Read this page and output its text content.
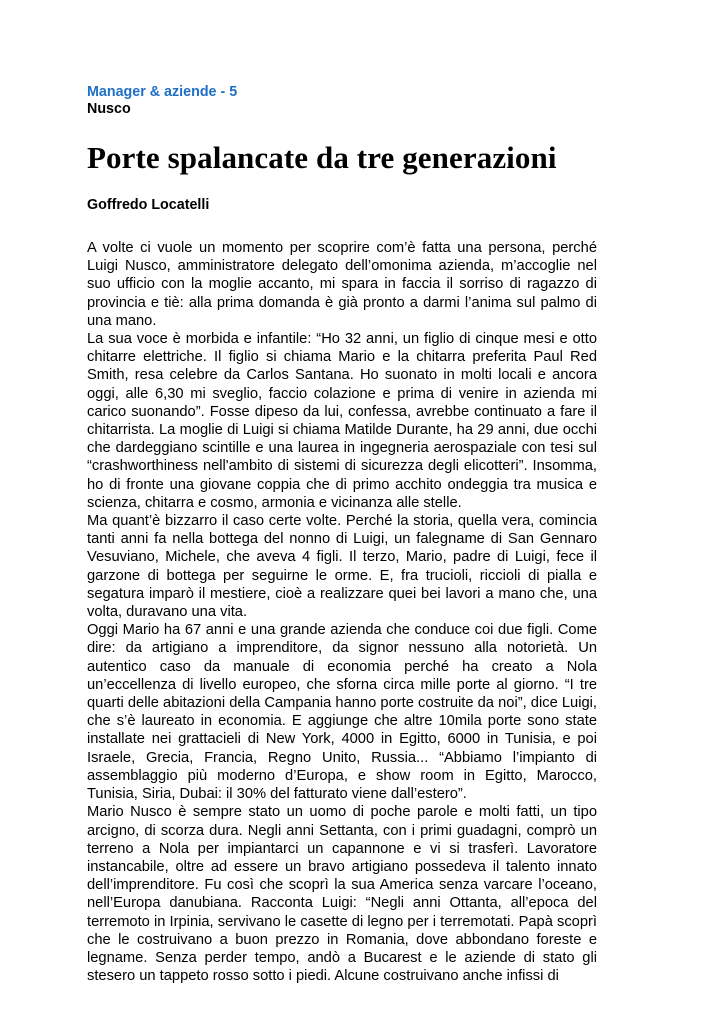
Manager & aziende - 5
Nusco
Porte spalancate da tre generazioni
Goffredo Locatelli

A volte ci vuole un momento per scoprire com’è fatta una persona, perché Luigi Nusco, amministratore delegato dell’omonima azienda, m’accoglie nel suo ufficio con la moglie accanto, mi spara in faccia il sorriso di ragazzo di provincia e tiè: alla prima domanda è già pronto a darmi l’anima sul palmo di una mano.

La sua voce è morbida e infantile: “Ho 32 anni, un figlio di cinque mesi e otto chitarre elettriche. Il figlio si chiama Mario e la chitarra preferita Paul Red Smith, resa celebre da Carlos Santana. Ho suonato in molti locali e ancora oggi, alle 6,30 mi sveglio, faccio colazione e prima di venire in azienda mi carico suonando”. Fosse dipeso da lui, confessa, avrebbe continuato a fare il chitarrista. La moglie di Luigi si chiama Matilde Durante, ha 29 anni, due occhi che dardeggiano scintille e una laurea in ingegneria aerospaziale con tesi sul “crashworthiness nell'ambito di sistemi di sicurezza degli elicotteri”. Insomma, ho di fronte una giovane coppia che di primo acchito ondeggia tra musica e scienza, chitarra e cosmo, armonia e vicinanza alle stelle.

Ma quant’è bizzarro il caso certe volte. Perché la storia, quella vera, comincia tanti anni fa nella bottega del nonno di Luigi, un falegname di San Gennaro Vesuviano, Michele, che aveva 4 figli. Il terzo, Mario, padre di Luigi, fece il garzone di bottega per seguirne le orme. E, fra trucioli, riccioli di pialla e segatura imparò il mestiere, cioè a realizzare quei bei lavori a mano che, una volta, duravano una vita.

Oggi Mario ha 67 anni e una grande azienda che conduce coi due figli. Come dire: da artigiano a imprenditore, da signor nessuno alla notorietà. Un autentico caso da manuale di economia perché ha creato a Nola un’eccellenza di livello europeo, che sforna circa mille porte al giorno. “I tre quarti delle abitazioni della Campania hanno porte costruite da noi”, dice Luigi, che s’è laureato in economia. E aggiunge che altre 10mila porte sono state installate nei grattacieli di New York, 4000 in Egitto, 6000 in Tunisia, e poi Israele, Grecia, Francia, Regno Unito, Russia... “Abbiamo l’impianto di assemblaggio più moderno d’Europa, e show room in Egitto, Marocco, Tunisia, Siria, Dubai: il 30% del fatturato viene dall’estero”.

Mario Nusco è sempre stato un uomo di poche parole e molti fatti, un tipo arcigno, di scorza dura. Negli anni Settanta, con i primi guadagni, comprò un terreno a Nola per impiantarci un capannone e vi si trasferì. Lavoratore instancabile, oltre ad essere un bravo artigiano possedeva il talento innato dell’imprenditore. Fu così che scoprì la sua America senza varcare l’oceano, nell’Europa danubiana. Racconta Luigi: “Negli anni Ottanta, all’epoca del terremoto in Irpinia, servivano le casette di legno per i terremotati. Papà scoprì che le costruivano a buon prezzo in Romania, dove abbondano foreste e legname. Senza perder tempo, andò a Bucarest e le aziende di stato gli stesero un tappeto rosso sotto i piedi. Alcune costruivano anche infissi di
